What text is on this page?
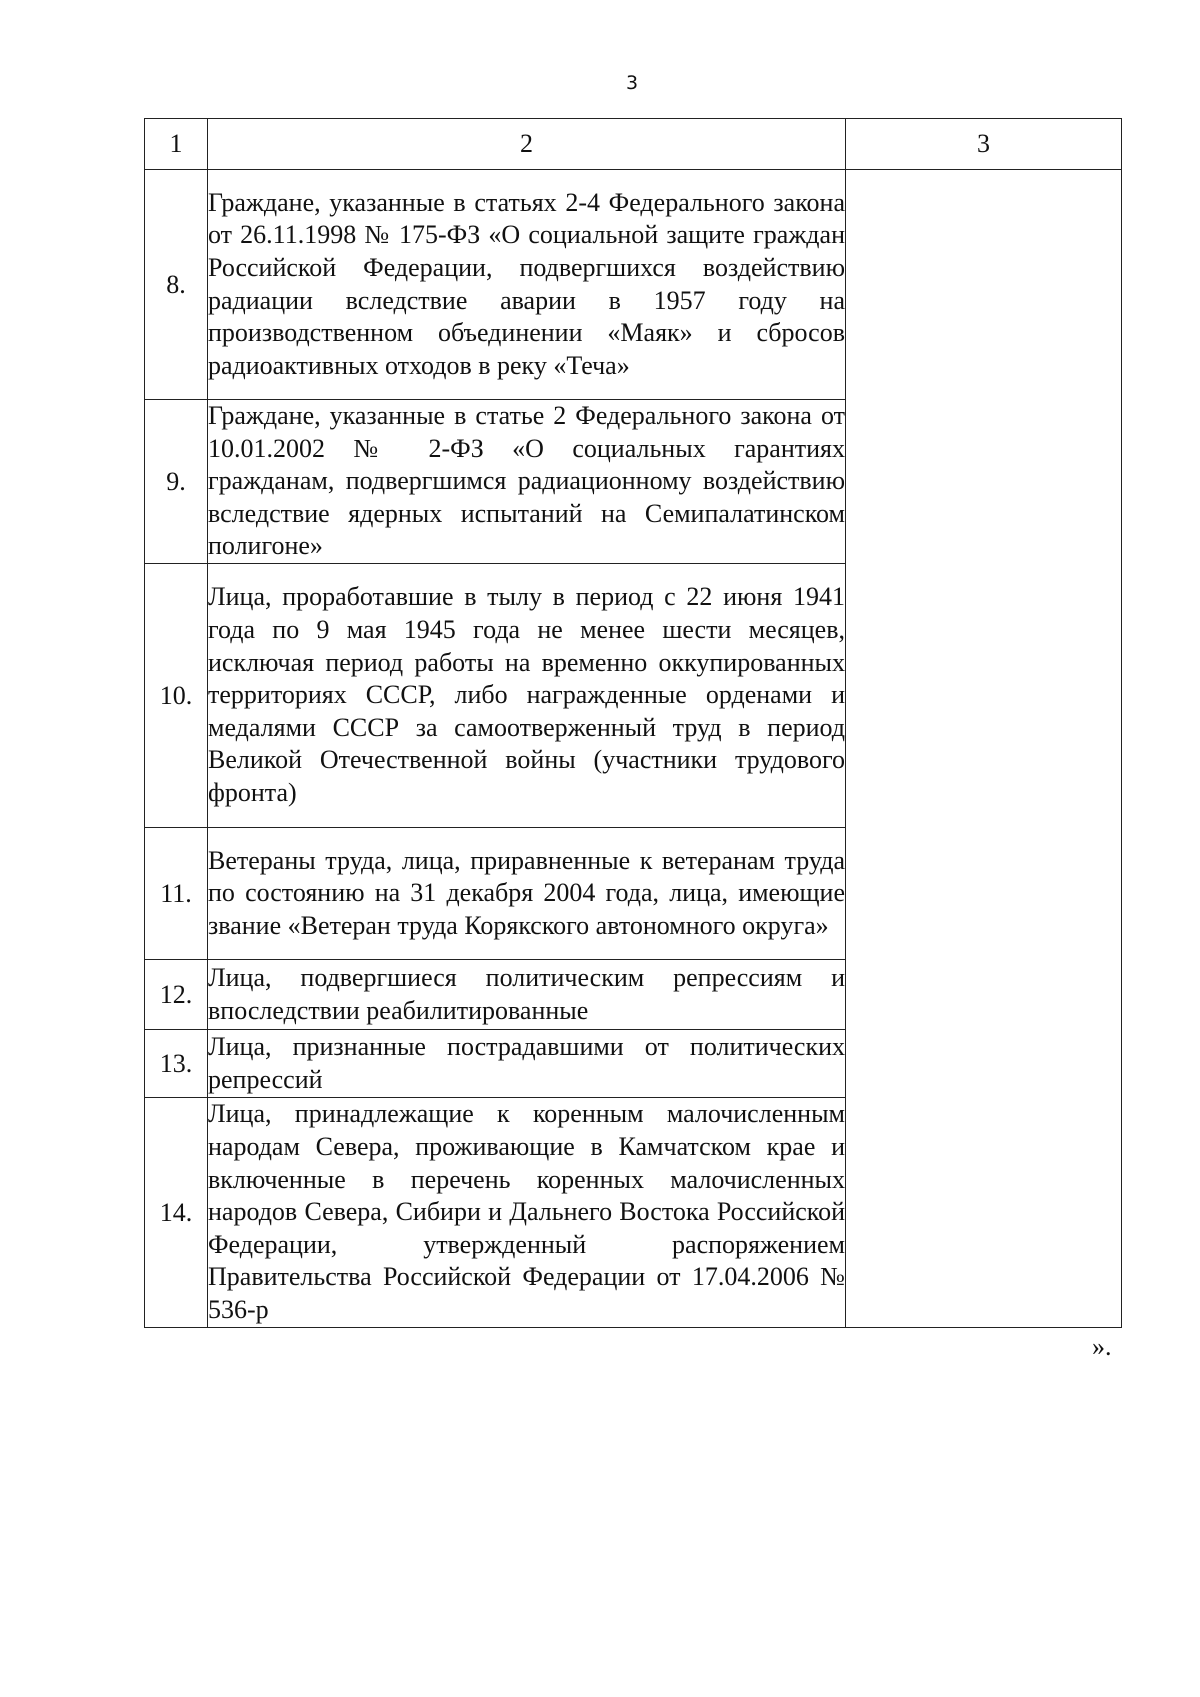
3
1	2	3
8.	Граждане, указанные в статьях 2-4 Федерального закона от 26.11.1998 № 175-ФЗ «О социальной защите граждан Российской Федерации, подвергшихся воздействию радиации вследствие аварии в 1957 году на производственном объединении «Маяк» и сбросов радиоактивных отходов в реку «Теча»	

9.	Граждане, указанные в статье 2 Федерального закона от 10.01.2002 № 2-ФЗ «О социальных гарантиях гражданам, подвергшимся радиационному воздействию вследствие ядерных испытаний на Семипалатинском полигоне»	

10.	Лица, проработавшие в тылу в период с 22 июня 1941 года по 9 мая 1945 года не менее шести месяцев, исключая период работы на временно оккупированных территориях СССР, либо награжденные орденами и медалями СССР за самоотверженный труд в период Великой Отечественной войны (участники трудового фронта)	

11.	Ветераны труда, лица, приравненные к ветеранам труда по состоянию на 31 декабря 2004 года, лица, имеющие звание «Ветеран труда Корякского автономного округа»	

12.	Лица, подвергшиеся политическим репрессиям и впоследствии реабилитированные	

13.	Лица, признанные пострадавшими от политических репрессий	

14.	Лица, принадлежащие к коренным малочисленным народам Севера, проживающие в Камчатском крае и включенные в перечень коренных малочисленных народов Севера, Сибири и Дальнего Востока Российской Федерации, утвержденный распоряжением Правительства Российской Федерации от 17.04.2006 № 536-р	
».
